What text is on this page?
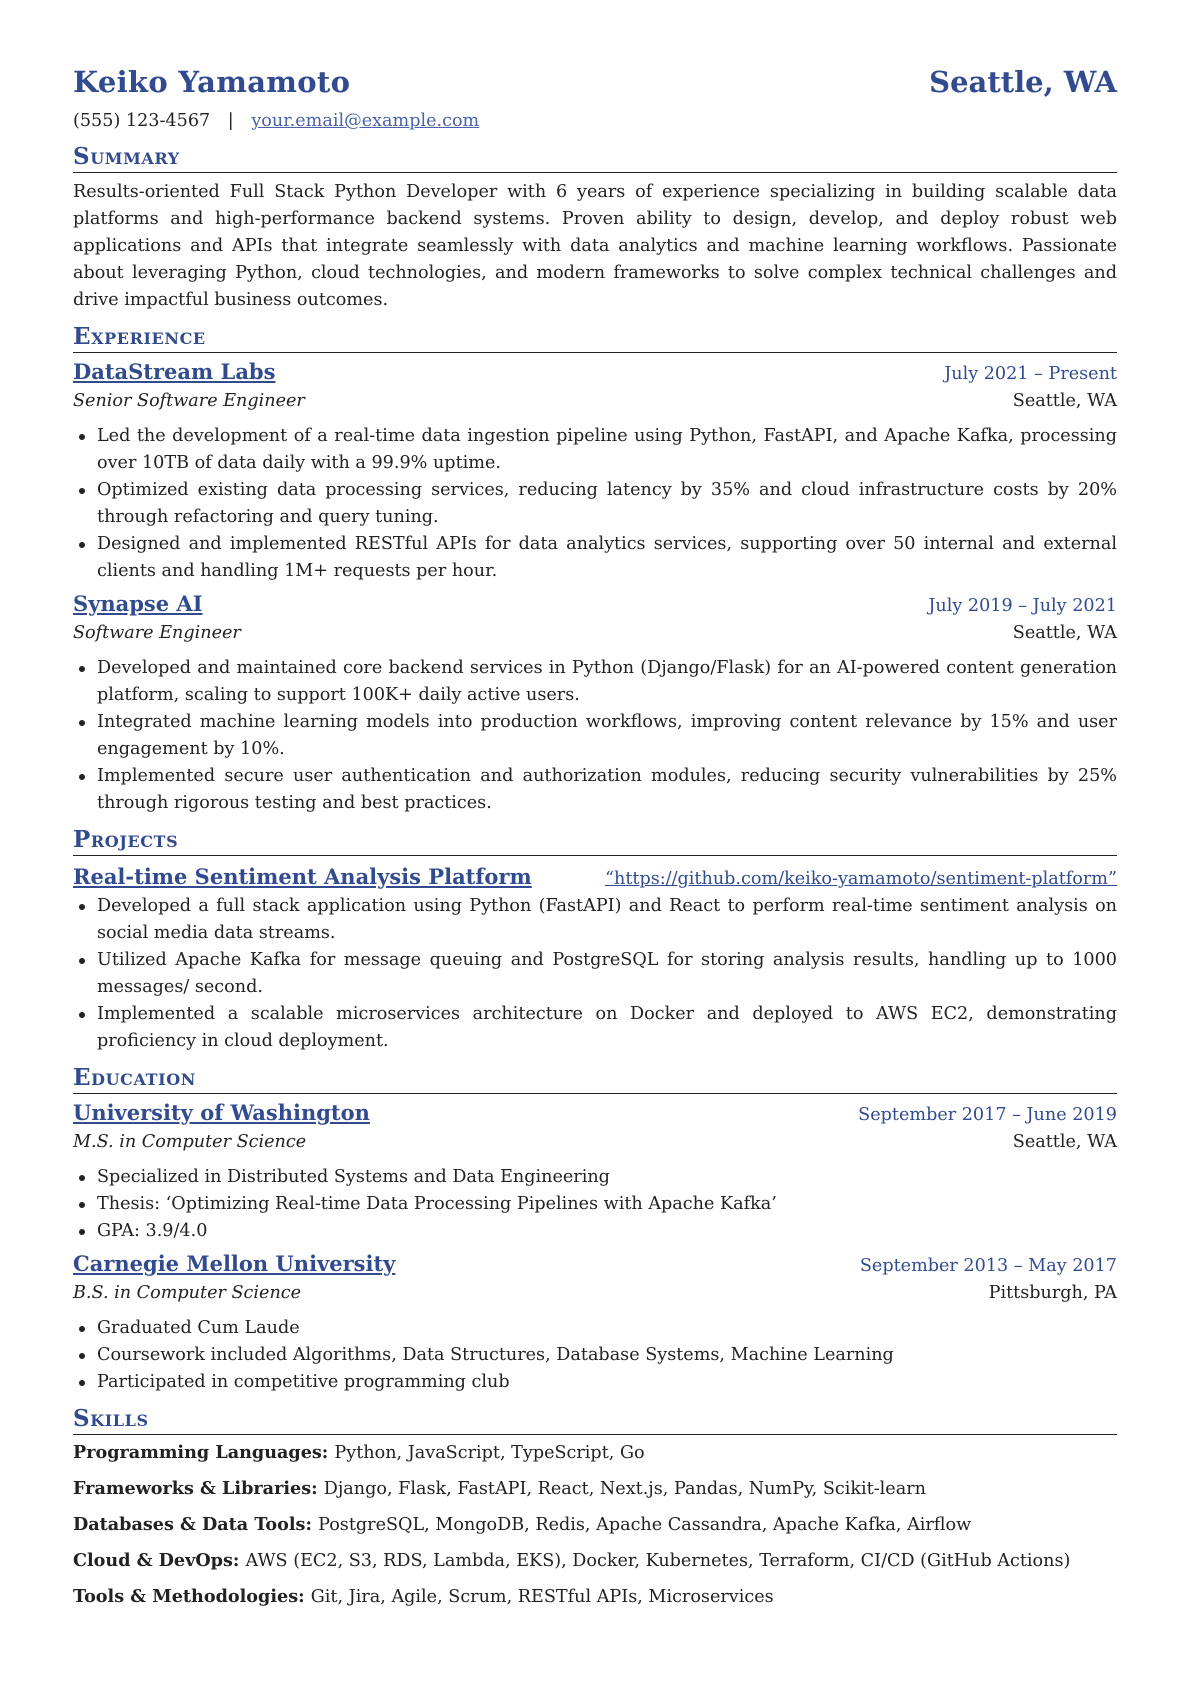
Keiko Yamamoto	Seattle, WA
(555) 123-4567 | your.email@example.com
Summary
Results-oriented Full Stack Python Developer with 6 years of experience specializing in building scalable data platforms and high-performance backend systems. Proven ability to design, develop, and deploy robust web applications and APIs that integrate seamlessly with data analytics and machine learning workflows. Passionate about leveraging Python, cloud technologies, and modern frameworks to solve complex technical challenges and drive impactful business outcomes.
Experience
DataStream Labs	July 2021 – Present
Senior Software Engineer	Seattle, WA
Led the development of a real-time data ingestion pipeline using Python, FastAPI, and Apache Kafka, processing over 10TB of data daily with a 99.9% uptime.
Optimized existing data processing services, reducing latency by 35% and cloud infrastructure costs by 20% through refactoring and query tuning.
Designed and implemented RESTful APIs for data analytics services, supporting over 50 internal and external clients and handling 1M+ requests per hour.
Synapse AI	July 2019 – July 2021
Software Engineer	Seattle, WA
Developed and maintained core backend services in Python (Django/Flask) for an AI-powered content generation platform, scaling to support 100K+ daily active users.
Integrated machine learning models into production workflows, improving content relevance by 15% and user engagement by 10%.
Implemented secure user authentication and authorization modules, reducing security vulnerabilities by 25% through rigorous testing and best practices.
Projects
Real-time Sentiment Analysis Platform	“https://github.com/keiko-yamamoto/sentiment-platform”
Developed a full stack application using Python (FastAPI) and React to perform real-time sentiment analysis on social media data streams.
Utilized Apache Kafka for message queuing and PostgreSQL for storing analysis results, handling up to 1000 messages/ second.
Implemented a scalable microservices architecture on Docker and deployed to AWS EC2, demonstrating proficiency in cloud deployment.
Education
University of Washington	September 2017 – June 2019
M.S. in Computer Science	Seattle, WA
Specialized in Distributed Systems and Data Engineering
Thesis: ‘Optimizing Real-time Data Processing Pipelines with Apache Kafka’
GPA: 3.9/4.0
Carnegie Mellon University	September 2013 – May 2017
B.S. in Computer Science	Pittsburgh, PA
Graduated Cum Laude
Coursework included Algorithms, Data Structures, Database Systems, Machine Learning
Participated in competitive programming club
Skills
Programming Languages: Python, JavaScript, TypeScript, Go
Frameworks & Libraries: Django, Flask, FastAPI, React, Next.js, Pandas, NumPy, Scikit-learn
Databases & Data Tools: PostgreSQL, MongoDB, Redis, Apache Cassandra, Apache Kafka, Airflow
Cloud & DevOps: AWS (EC2, S3, RDS, Lambda, EKS), Docker, Kubernetes, Terraform, CI/CD (GitHub Actions)
Tools & Methodologies: Git, Jira, Agile, Scrum, RESTful APIs, Microservices
